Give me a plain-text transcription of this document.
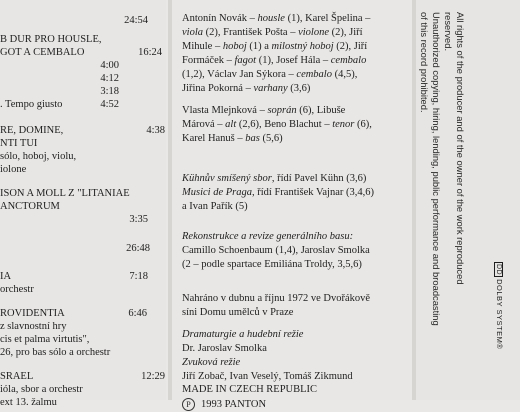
24:54
B DUR PRO HOUSLE,
GOT A CEMBALO	16:24
4:00
4:12
3:18
. Tempo giusto	4:52
RE, DOMINE,	4:38
NTI TUI
sólo, hoboj, violu,
iolone
ISON A MOLL Z "LITANIAE
ANCTORUM
3:35
26:48
IA	7:18
orchestr
ROVIDENTIA	6:46
z slavnostní hry
cis et palma virtutis",
26, pro bas sólo a orchestr
SRAEL	12:29
ióla, sbor a orchestr
ext 13. žalmu
Antonín Novák – housle (1), Karel Špelina –
viola (2), František Pošta – violone (2), Jiří
Mihule – hoboj (1) a milostný hoboj (2), Jiří
Formáček – fagot (1), Josef Hála – cembalo
(1,2), Václav Jan Sýkora – cembalo (4,5),
Jiřina Pokorná – varhany (3,6)
Vlasta Mlejnková – soprán (6), Libuše
Márová – alt (2,6), Beno Blachut – tenor (6),
Karel Hanuš – bas (5,6)
Kühnův smíšený sbor, řídí Pavel Kühn (3,6)
Musici de Praga, řídí František Vajnar (3,4,6)
a Ivan Pařík (5)
Rekonstrukce a revize generálního basu:
Camillo Schoenbaum (1,4), Jaroslav Smolka
(2 – podle spartace Emiliána Troldy, 3,5,6)
Nahráno v dubnu a říjnu 1972 ve Dvořákově
síni Domu umělců v Praze
Dramaturgie a hudební režie
Dr. Jaroslav Smolka
Zvuková režie
Jiří Zobač, Ivan Veselý, Tomáš Zikmund
MADE IN CZECH REPUBLIC
P 1993 PANTON
All rights of the producer and of the owner of the work reproduced
reserved.
Unauthorized copying, hiring, lending, public performance and broadcasting
of this record prohibited.
DDDOLBY SYSTEM®
